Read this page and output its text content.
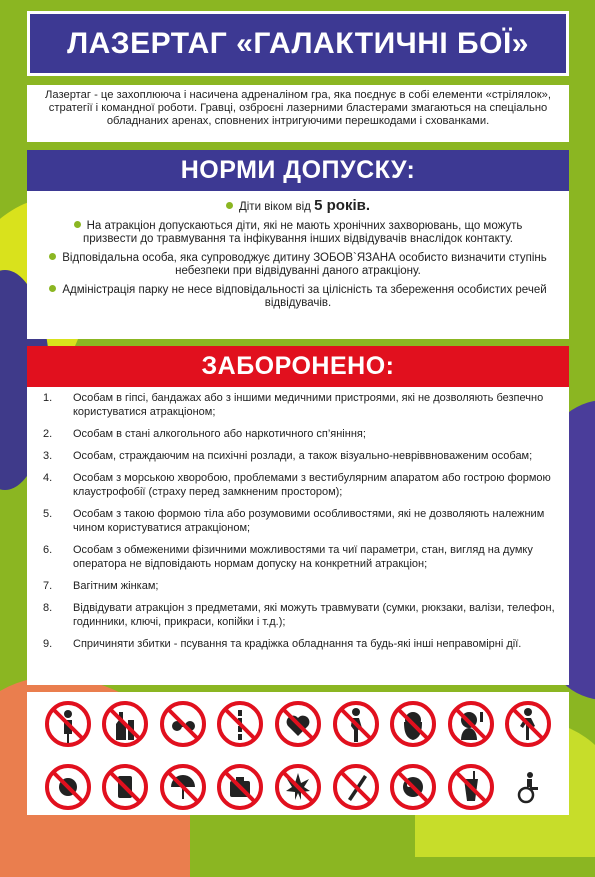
ЛАЗЕРТАГ «ГАЛАКТИЧНІ БОЇ»
Лазертаг - це захоплююча і насичена адреналіном гра, яка поєднує в собі елементи «стрілялок», стратегії і командної роботи. Гравці, озброєні лазерними бластерами змагаються на спеціально обладнаних аренах, сповнених інтригуючими перешкодами і схованками.
НОРМИ ДОПУСКУ:
Діти віком від 5 років.
На атракціон допускаються діти, які не мають хронічних захворювань, що можуть призвести до травмування та інфікування інших відвідувачів внаслідок контакту.
Відповідальна особа, яка супроводжує дитину ЗОБОВ`ЯЗАНА особисто визначити ступінь небезпеки при відвідуванні даного атракціону.
Адміністрація парку не несе відповідальності за цілісність та збереження особистих речей відвідувачів.
ЗАБОРОНЕНО:
1.	Особам в гіпсі, бандажах або з іншими медичними пристроями, які не дозволяють безпечно користуватися атракціоном;
2.	Особам в стані алкогольного або наркотичного сп’яніння;
3.	Особам, страждаючим на психічні розлади, а також візуально-невріввноваженим особам;
4.	Особам з морською хворобою, проблемами з вестибулярним апаратом або гострою формою клаустрофобії (страху перед замкненим простором);
5.	Особам з такою формою тіла або розумовими особливостями, які не дозволяють належним чином користуватися атракціоном;
6.	Особам з обмеженими фізичними можливостями та чиї параметри, стан, вигляд на думку оператора не відповідають нормам допуску на конкретний атракціон;
7.	Вагітним жінкам;
8.	Відвідувати атракціон з предметами, які можуть травмувати (сумки, рюкзаки, валізи, телефон, годинники, ключі, прикраси, копійки і т.д.);
9.	Спричиняти збитки - псування та крадіжка обладнання та будь-які інші неправомірні дії.
